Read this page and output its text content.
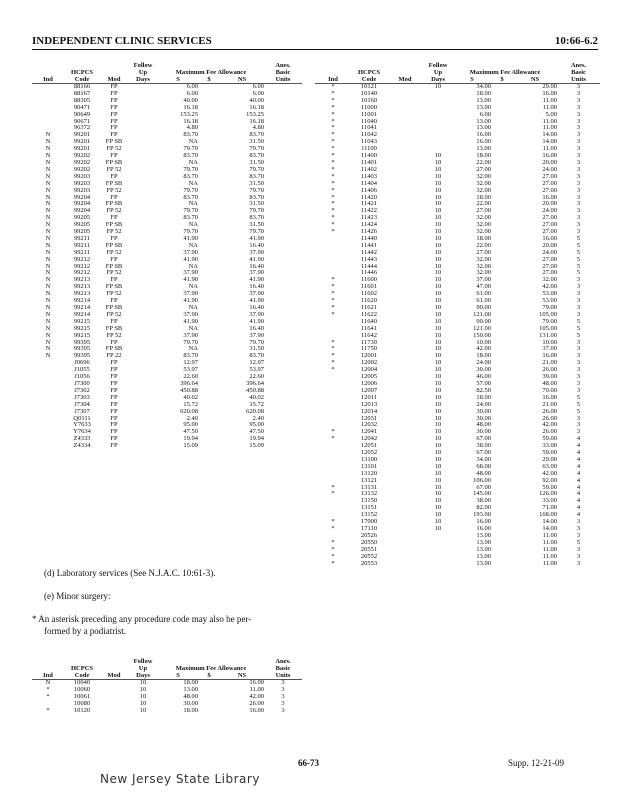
INDEPENDENT CLINIC SERVICES	10:66-6.2
			Follow				Anes.
	HCPCS		Up	Maximum Fee Allowance			Basic
Ind	Code	Mod	Days	S	$	NS	Units
	88166	FP		6.00		6.00	
	88167	FP		6.00		6.00	
	88305	FP		40.00		40.00	
	90471	FP		16.18		16.18	
	90649	FP		153.25		153.25	
	90671	FP		16.18		16.18	
	96372	FP		4.80		4.80	
N	99201	FP		83.70		83.70	
N	99201	FP SB		NA		31.50	
N	99201	FP 52		79.70		79.70	
N	99202	FP		83.70		83.70	
N	99202	FP SB		NA		31.50	
N	99202	FP 52		79.70		79.70	
N	99203	FP		83.70		83.70	
N	99203	FP SB		NA		31.50	
N	99203	FP 52		79.70		79.70	
N	99204	FP		83.70		83.70	
N	99204	FP SB		NA		31.50	
N	99204	FP 52		79.70		79.70	
N	99205	FP		83.70		83.70	
N	99205	FP SB		NA		31.50	
N	99205	FP 52		79.70		79.70	
N	99211	FP		41.90		41.90	
N	99211	FP SB		NA		16.40	
N	99211	FP 52		37.90		37.90	
N	99212	FP		41.90		41.90	
N	99212	FP SB		NA		16.40	
N	99212	FP 52		37.90		37.90	
N	99213	FP		41.90		41.90	
N	99213	FP SB		NA		16.40	
N	99213	FP 52		37.90		37.90	
N	99214	FP		41.90		41.90	
N	99214	FP SB		NA		16.40	
N	99214	FP 52		37.90		37.90	
N	99215	FP		41.90		41.90	
N	99215	FP SB		NA		16.40	
N	99215	FP 52		37.90		37.90	
N	99395	FP		79.70		79.70	
N	99395	FP SB		NA		31.50	
N	99395	FP 22		83.70		83.70	
	J0696	FP		12.97		12.97	
	J1055	FP		53.97		53.97	
	J1056	FP		22.60		22.60	
	J7300	FP		396.64		396.64	
	J7302	FP		450.88		450.88	
	J7303	FP		40.02		40.02	
	J7304	FP		15.72		15.72	
	J7307	FP		620.08		620.08	
	Q0111	FP		2.40		2.40	
	Y7633	FP		95.00		95.00	
	Y7634	FP		47.50		47.50	
	Z4333	FP		19.94		19.94	
	Z4334	FP		15.09		15.09	
(d) Laboratory services (See N.J.A.C. 10:61-3).
(e) Minor surgery:
* An asterisk preceding any procedure code may also be per-
formed by a podiatrist.
			Follow				Anes.
	HCPCS		Up	Maximum Fee Allowance			Basic
Ind	Code	Mod	Days	S	$	NS	Units
N	10040		10	18.00		16.00	3
*	10060		10	13.00		11.00	3
*	10061		10	48.00		42.00	3
	10080		10	30.00		26.00	3
*	10120		10	18.00		16.00	3
			Follow				Anes.
	HCPCS		Up	Maximum Fee Allowance			Basic
Ind	Code	Mod	Days	S	$	NS	Units
*	10121		10	34.00		29.00	3
*	10140			18.00		16.00	3
*	10160			13.00		11.00	3
*	11000			13.00		11.00	3
*	11001			6.00		5.00	3
*	11040			13.00		11.00	3
*	11041			13.00		11.00	3
*	11042			16.00		14.00	3
*	11043			16.00		14.00	3
*	11100			13.00		11.00	3
*	11400		10	18.00		16.00	3
*	11401		10	22.00		20.00	3
*	11402		10	27.00		24.00	3
*	11403		10	32.00		27.00	3
*	11404		10	32.00		27.00	3
*	11406		10	32.00		27.00	3
*	11420		10	18.00		16.00	3
*	11421		10	22.00		20.00	3
*	11422		10	27.00		24.00	3
*	11423		10	32.00		27.00	3
*	11424		10	32.00		27.00	3
*	11426		10	32.00		27.00	3
	11440		10	18.00		16.00	5
	11441		10	22.00		20.00	5
	11442		10	27.00		24.00	5
	11443		10	32.00		27.00	5
	11444		10	32.00		27.00	5
	11446		10	32.00		27.00	5
*	11600		10	37.00		32.00	3
*	11601		10	47.00		42.00	3
*	11602		10	61.00		53.00	3
*	11620		10	61.00		53.00	3
*	11621		10	90.00		79.00	3
*	11622		10	121.00		105.00	3
	11640		10	90.00		79.00	5
	11641		10	121.00		105.00	5
	11642		10	150.00		131.00	5
*	11730		10	10.00		10.00	3
*	11750		10	42.00		37.00	3
*	12001		10	18.00		16.00	3
*	12002		10	24.00		21.00	3
*	12004		10	30.00		26.00	3
	12005		10	46.00		39.00	3
	12006		10	57.00		48.00	3
	12007		10	82.50		70.00	3
	12011		10	18.00		16.00	5
	12013		10	24.00		21.00	5
	12014		10	30.00		26.00	5
	12031		10	30.00		26.00	3
	12032		10	48.00		42.00	3
*	12041		10	30.00		26.00	3
*	12042		10	67.00		59.00	4
	12051		10	38.00		33.00	4
	12052		10	67.00		59.00	4
	13100		10	34.00		29.00	4
	13101		10	68.00		63.00	4
	13120		10	48.00		42.00	4
	13121		10	106.00		92.00	4
*	13131		10	67.00		59.00	4
*	13132		10	145.00		126.00	4
	13150		10	38.00		33.00	4
	13151		10	82.00		71.00	4
	13152		10	193.00		168.00	4
*	17000		10	16.00		14.00	3
*	17110		10	16.00		14.00	3
	20526			13.00		11.00	3
*	20550			13.00		11.00	5
*	20551			13.00		11.00	3
*	20552			13.00		11.00	3
*	20553			13.00		11.00	3
66-73	Supp. 12-21-09
New Jersey State Library
